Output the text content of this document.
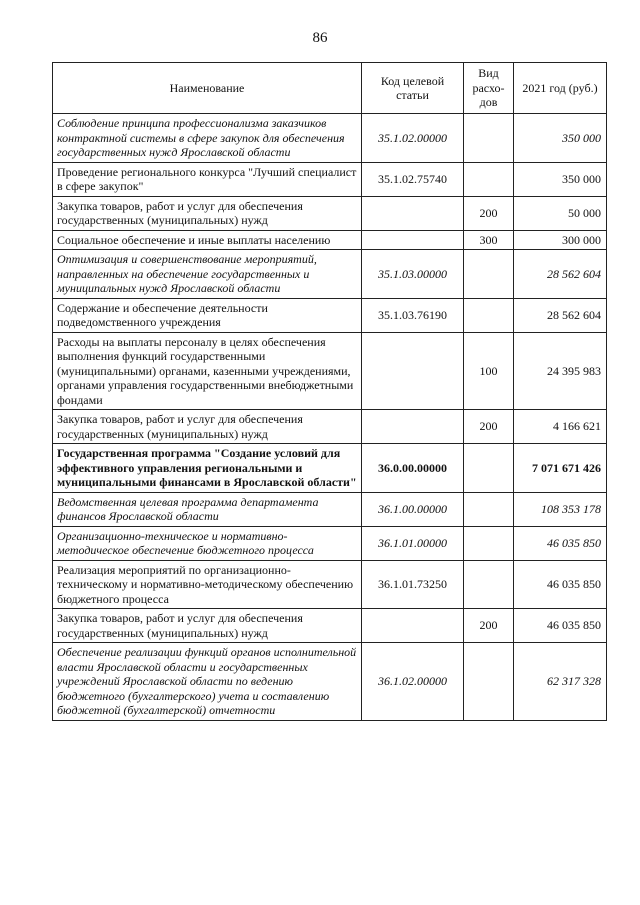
86
Наименование	Код целевой статьи	Вид расхо-дов	2021 год (руб.)
Соблюдение принципа профессионализма заказчиков контрактной системы в сфере закупок для обеспечения государственных нужд Ярославской области	35.1.02.00000		350 000
Проведение регионального конкурса "Лучший специалист в сфере закупок"	35.1.02.75740		350 000
Закупка товаров, работ и услуг для обеспечения государственных (муниципальных) нужд		200	50 000
Социальное обеспечение и иные выплаты населению		300	300 000
Оптимизация и совершенствование мероприятий, направленных на обеспечение государственных и муниципальных нужд Ярославской области	35.1.03.00000		28 562 604
Содержание и обеспечение деятельности подведомственного учреждения	35.1.03.76190		28 562 604
Расходы на выплаты персоналу в целях обеспечения выполнения функций государственными (муниципальными) органами, казенными учреждениями, органами управления государственными внебюджетными фондами		100	24 395 983
Закупка товаров, работ и услуг для обеспечения государственных (муниципальных) нужд		200	4 166 621
Государственная программа "Создание условий для эффективного управления региональными и муниципальными финансами в Ярославской области"	36.0.00.00000		7 071 671 426
Ведомственная целевая программа департамента финансов Ярославской области	36.1.00.00000		108 353 178
Организационно-техническое и нормативно-методическое обеспечение бюджетного процесса	36.1.01.00000		46 035 850
Реализация мероприятий по организационно-техническому и нормативно-методическому обеспечению бюджетного процесса	36.1.01.73250		46 035 850
Закупка товаров, работ и услуг для обеспечения государственных (муниципальных) нужд		200	46 035 850
Обеспечение реализации функций органов исполнительной власти Ярославской области и государственных учреждений Ярославской области по ведению бюджетного (бухгалтерского) учета и составлению бюджетной (бухгалтерской) отчетности	36.1.02.00000		62 317 328
